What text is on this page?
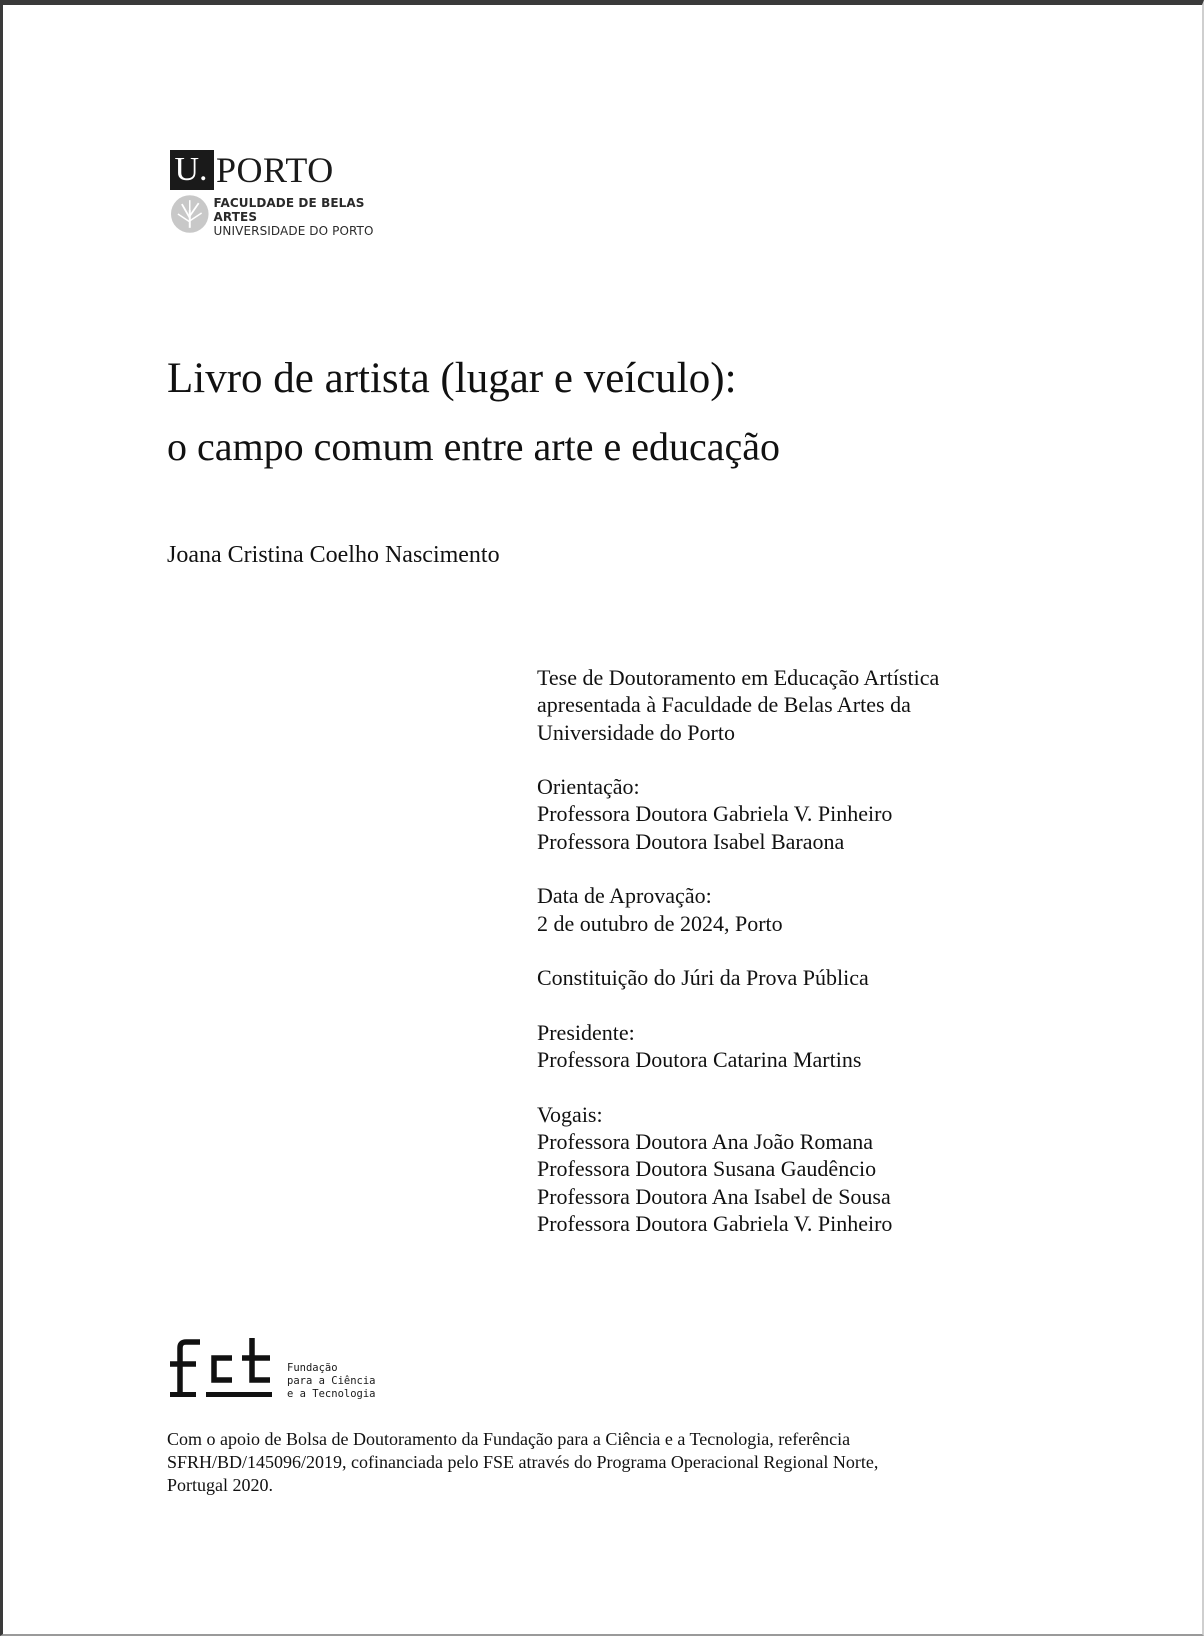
U. PORTO
FACULDADE DE BELAS ARTES
UNIVERSIDADE DO PORTO
Livro de artista (lugar e veículo):
o campo comum entre arte e educação
Joana Cristina Coelho Nascimento
Tese de Doutoramento em Educação Artística
apresentada à Faculdade de Belas Artes da
Universidade do Porto
Orientação:
Professora Doutora Gabriela V. Pinheiro
Professora Doutora Isabel Baraona
Data de Aprovação:
2 de outubro de 2024, Porto
Constituição do Júri da Prova Pública
Presidente:
Professora Doutora Catarina Martins
Vogais:
Professora Doutora Ana João Romana
Professora Doutora Susana Gaudêncio
Professora Doutora Ana Isabel de Sousa
Professora Doutora Gabriela V. Pinheiro
Fundação
para a Ciência
e a Tecnologia
Com o apoio de Bolsa de Doutoramento da Fundação para a Ciência e a Tecnologia, referência
SFRH/BD/145096/2019, cofinanciada pelo FSE através do Programa Operacional Regional Norte,
Portugal 2020.
